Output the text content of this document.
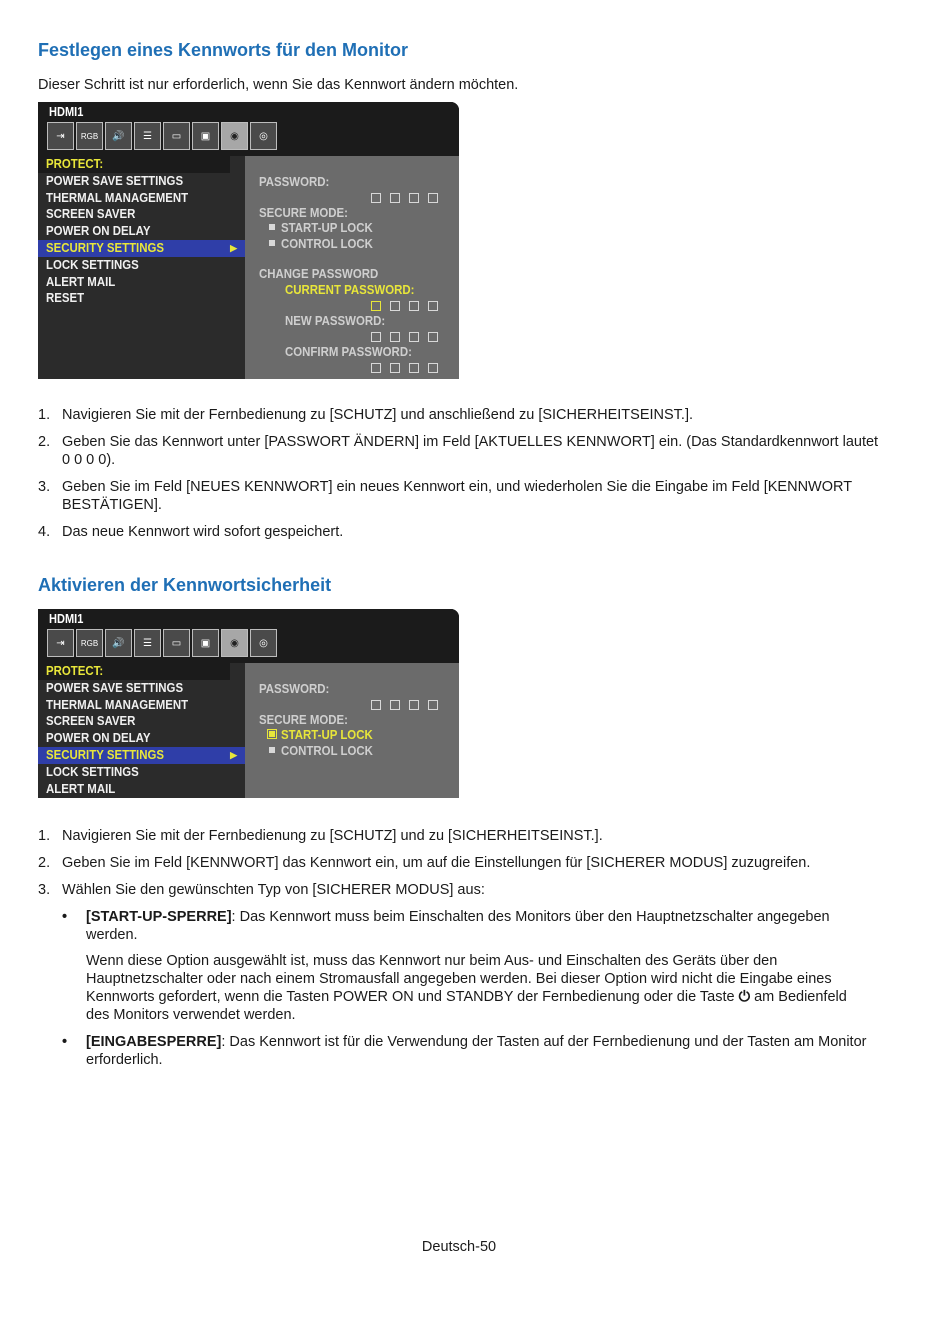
Festlegen eines Kennworts für den Monitor
Dieser Schritt ist nur erforderlich, wenn Sie das Kennwort ändern möchten.
HDMI1
⇥	RGB	🔊	☰	▭	▣	◉	◎
PROTECT:
POWER SAVE SETTINGS
THERMAL MANAGEMENT
SCREEN SAVER
POWER ON DELAY
SECURITY SETTINGS	▶
LOCK SETTINGS
ALERT MAIL
RESET
PASSWORD:
SECURE MODE:
START-UP LOCK
CONTROL LOCK
CHANGE PASSWORD
CURRENT PASSWORD:
NEW PASSWORD:
CONFIRM PASSWORD:
1. Navigieren Sie mit der Fernbedienung zu [SCHUTZ] und anschließend zu [SICHERHEITSEINST.].
2. Geben Sie das Kennwort unter [PASSWORT ÄNDERN] im Feld [AKTUELLES KENNWORT] ein. (Das Standardkennwort lautet 0 0 0 0).
3. Geben Sie im Feld [NEUES KENNWORT] ein neues Kennwort ein, und wiederholen Sie die Eingabe im Feld [KENNWORT BESTÄTIGEN].
4. Das neue Kennwort wird sofort gespeichert.
Aktivieren der Kennwortsicherheit
HDMI1
⇥	RGB	🔊	☰	▭	▣	◉	◎
PROTECT:
POWER SAVE SETTINGS
THERMAL MANAGEMENT
SCREEN SAVER
POWER ON DELAY
SECURITY SETTINGS	▶
LOCK SETTINGS
ALERT MAIL
PASSWORD:
SECURE MODE:
START-UP LOCK
CONTROL LOCK
1. Navigieren Sie mit der Fernbedienung zu [SCHUTZ] und zu [SICHERHEITSEINST.].
2. Geben Sie im Feld [KENNWORT] das Kennwort ein, um auf die Einstellungen für [SICHERER MODUS] zuzugreifen.
3. Wählen Sie den gewünschten Typ von [SICHERER MODUS] aus:
• [START-UP-SPERRE]: Das Kennwort muss beim Einschalten des Monitors über den Hauptnetzschalter angegeben werden.

Wenn diese Option ausgewählt ist, muss das Kennwort nur beim Aus- und Einschalten des Geräts über den Hauptnetzschalter oder nach einem Stromausfall angegeben werden. Bei dieser Option wird nicht die Eingabe eines Kennworts gefordert, wenn die Tasten POWER ON und STANDBY der Fernbedienung oder die Taste ⏻ am Bedienfeld des Monitors verwendet werden.

• [EINGABESPERRE]: Das Kennwort ist für die Verwendung der Tasten auf der Fernbedienung und der Tasten am Monitor erforderlich.
Deutsch-50
